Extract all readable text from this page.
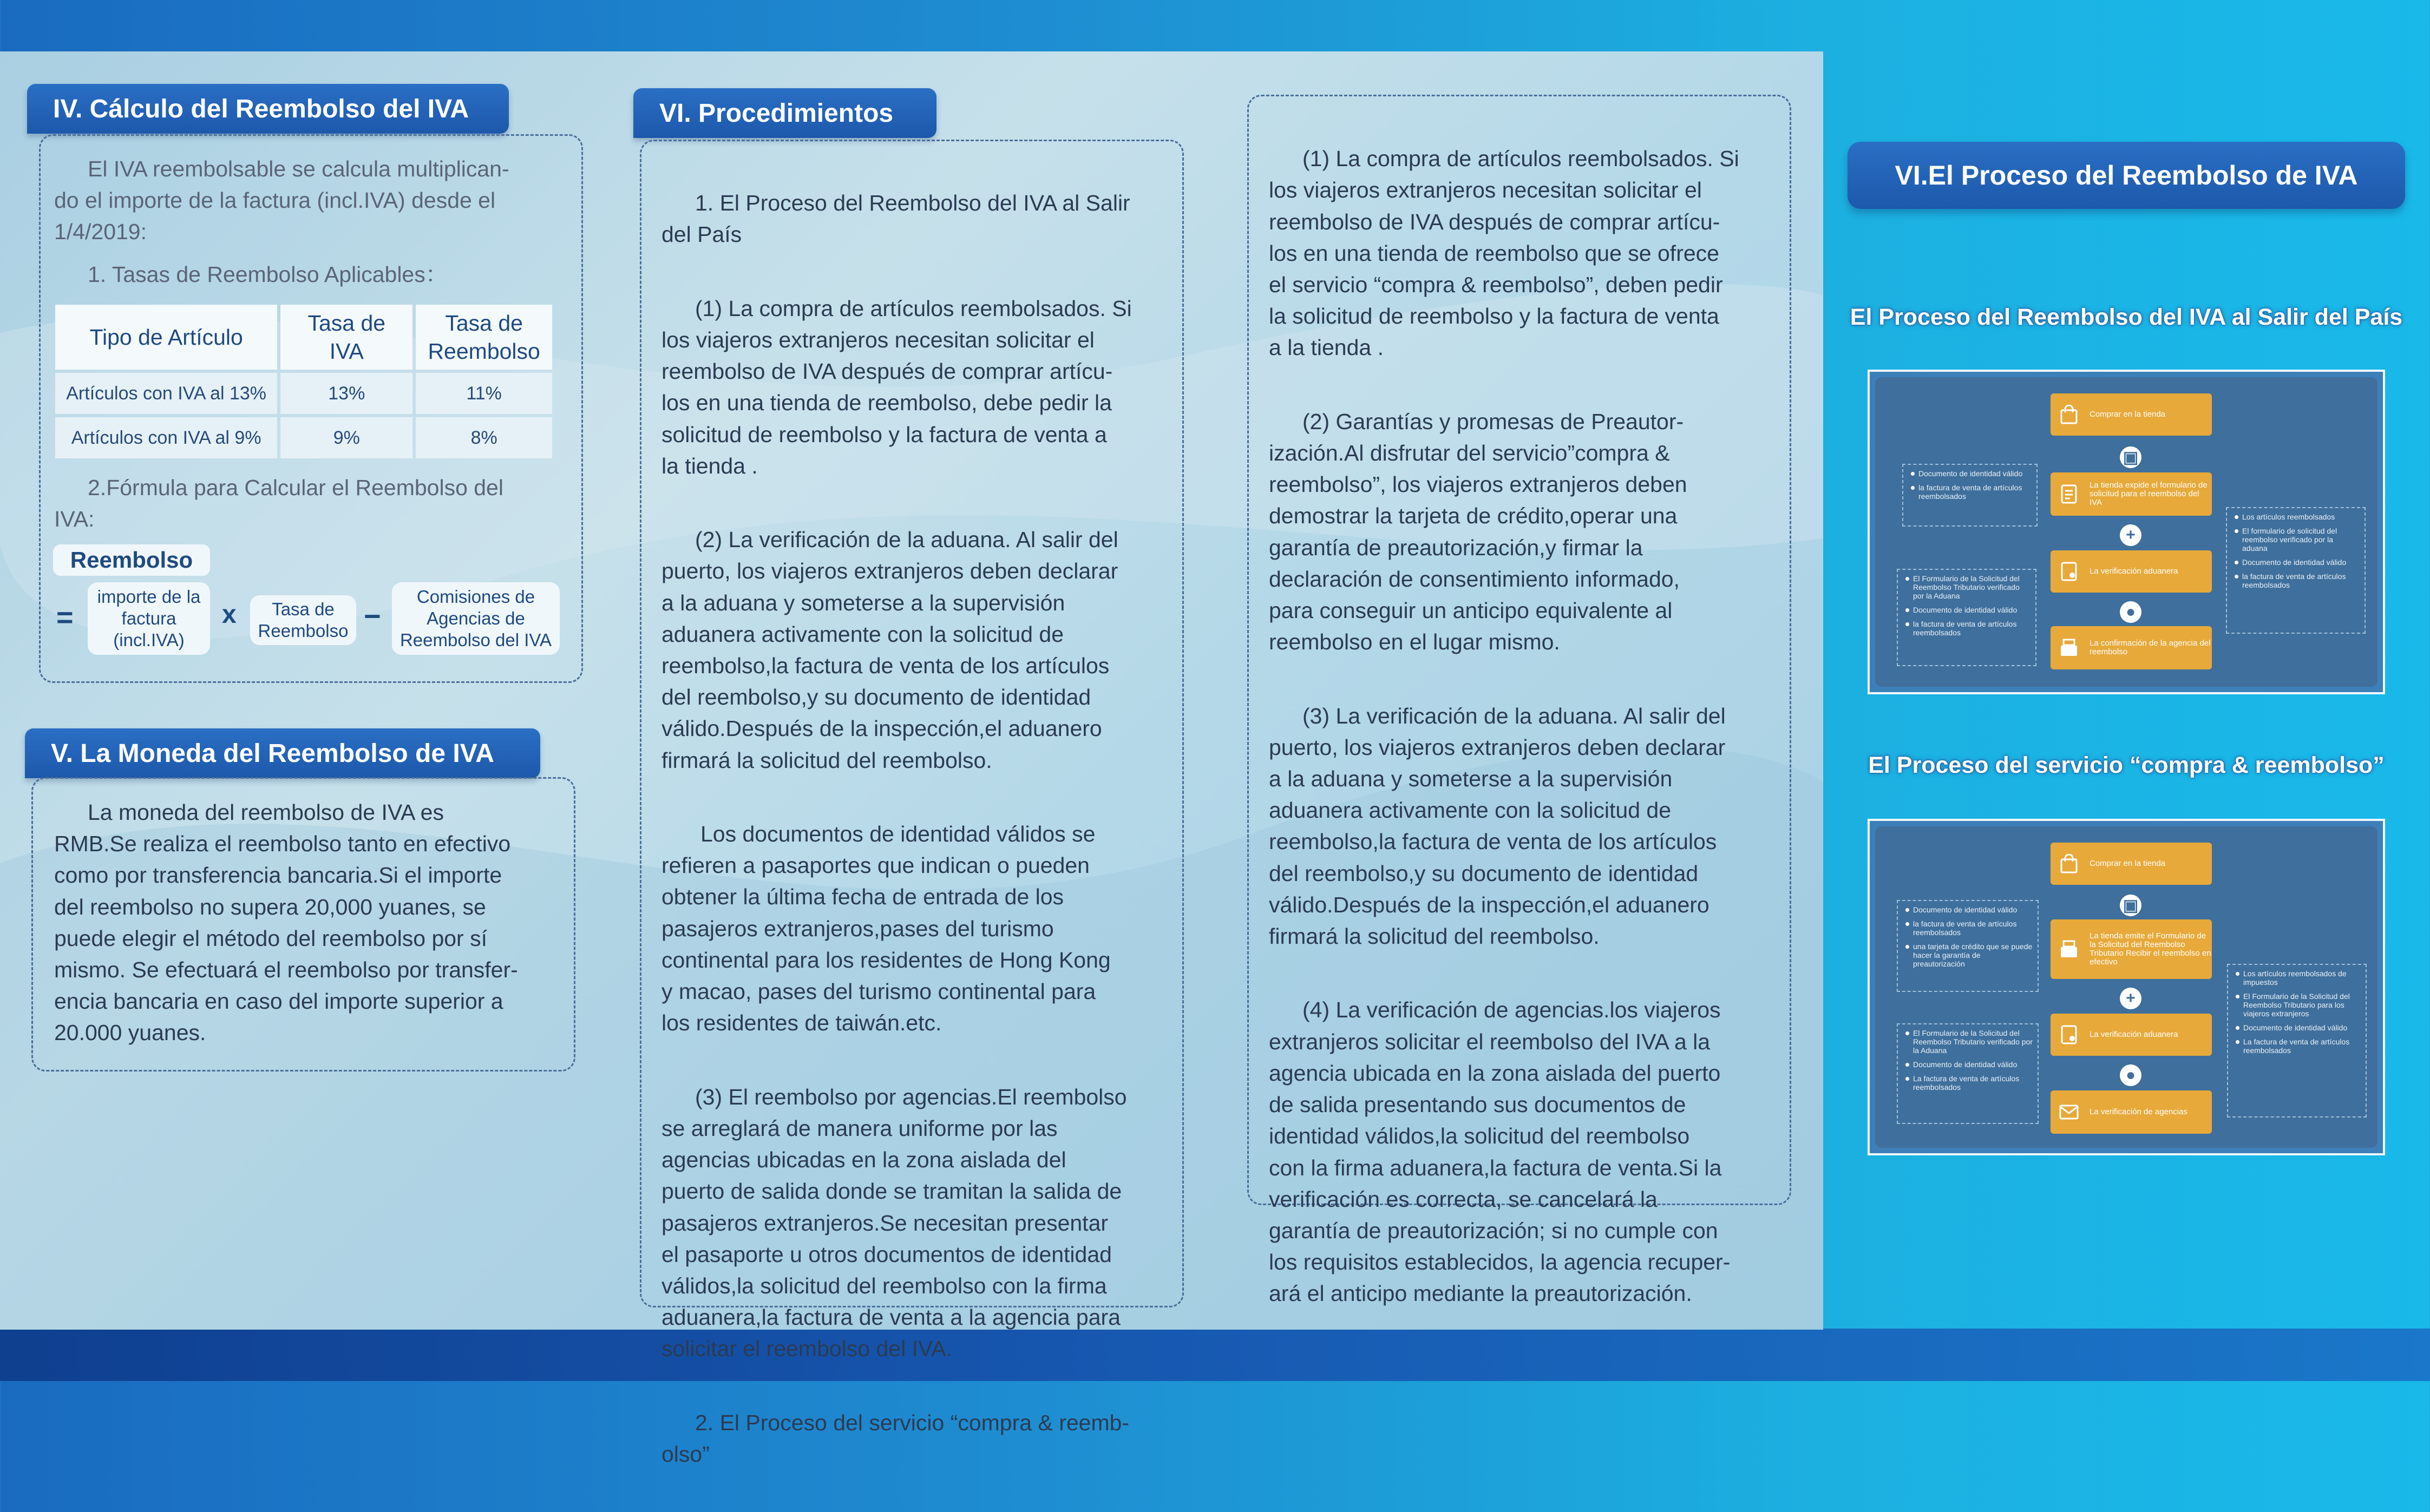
IV. Cálculo del Reembolso del IVA

El IVA reembolsable se calcula multiplican-
do el importe de la factura (incl.IVA) desde el
1/4/2019:

1. Tasas de Reembolso Aplicables：

Tipo de Artículo	Tasa de IVA	Tasa de Reembolso
Artículos con IVA al 13%	13%	11%
Artículos con IVA al 9%	9%	8%

2.Fórmula para Calcular el Reembolso del
IVA:

Reembolso
=
importe de la factura (incl.IVA)
x	Tasa de Reembolso −
Comisiones de Agencias de Reembolso del IVA
V. La Moneda del Reembolso de IVA

La moneda del reembolso de IVA es
RMB.Se realiza el reembolso tanto en efectivo
como por transferencia bancaria.Si el importe
del reembolso no supera 20,000 yuanes, se
puede elegir el método del reembolso por sí
mismo. Se efectuará el reembolso por transfer-
encia bancaria en caso del importe superior a
20.000 yuanes.

VI. Procedimientos

1. El Proceso del Reembolso del IVA al Salir
del País

(1) La compra de artículos reembolsados. Si
los viajeros extranjeros necesitan solicitar el
reembolso de IVA después de comprar artícu-
los en una tienda de reembolso, debe pedir la
solicitud de reembolso y la factura de venta a
la tienda .

(2) La verificación de la aduana. Al salir del
puerto, los viajeros extranjeros deben declarar
a la aduana y someterse a la supervisión
aduanera activamente con la solicitud de
reembolso,la factura de venta de los artículos
del reembolso,y su documento de identidad
válido.Después de la inspección,el aduanero
firmará la solicitud del reembolso.

Los documentos de identidad válidos se
refieren a pasaportes que indican o pueden
obtener la última fecha de entrada de los
pasajeros extranjeros,pases del turismo
continental para los residentes de Hong Kong
y macao, pases del turismo continental para
los residentes de taiwán.etc.

(3) El reembolso por agencias.El reembolso
se arreglará de manera uniforme por las
agencias ubicadas en la zona aislada del
puerto de salida donde se tramitan la salida de
pasajeros extranjeros.Se necesitan presentar
el pasaporte u otros documentos de identidad
válidos,la solicitud del reembolso con la firma
aduanera,la factura de venta a la agencia para
solicitar el reembolso del IVA.

2. El Proceso del servicio “compra & reemb-
olso”

(1) La compra de artículos reembolsados. Si
los viajeros extranjeros necesitan solicitar el
reembolso de IVA después de comprar artícu-
los en una tienda de reembolso que se ofrece
el servicio “compra & reembolso”, deben pedir
la solicitud de reembolso y la factura de venta
a la tienda .

(2) Garantías y promesas de Preautor-
ización.Al disfrutar del servicio”compra &
reembolso”, los viajeros extranjeros deben
demostrar la tarjeta de crédito,operar una
garantía de preautorización,y firmar la
declaración de consentimiento informado,
para conseguir un anticipo equivalente al
reembolso en el lugar mismo.

(3) La verificación de la aduana. Al salir del
puerto, los viajeros extranjeros deben declarar
a la aduana y someterse a la supervisión
aduanera activamente con la solicitud de
reembolso,la factura de venta de los artículos
del reembolso,y su documento de identidad
válido.Después de la inspección,el aduanero
firmará la solicitud del reembolso.

(4) La verificación de agencias.los viajeros
extranjeros solicitar el reembolso del IVA a la
agencia ubicada en la zona aislada del puerto
de salida presentando sus documentos de
identidad válidos,la solicitud del reembolso
con la firma aduanera,la factura de venta.Si la
verificación es correcta, se cancelará la
garantía de preautorización; si no cumple con
los requisitos establecidos, la agencia recuper-
ará el anticipo mediante la preautorización.

VI.El Proceso del Reembolso de IVA
El Proceso del Reembolso del IVA al Salir del País
Comprar en la tienda
▣
La tienda expide el formulario de solicitud para el reembolso del IVA
+
La verificación aduanera
●
La confirmación de la agencia del reembolso
Documento de identidad válido
la factura de venta de artículos reembolsados
El Formulario de la Solicitud del Reembolso Tributario verificado por la Aduana
Documento de identidad válido
la factura de venta de artículos reembolsados
Los artículos reembolsados
El formulario de solicitud del reembolso verificado por la aduana
Documento de identidad válido
la factura de venta de artículos reembolsados
El Proceso del servicio “compra & reembolso”
Comprar en la tienda
▣
La tienda emite el Formulario de la Solicitud del Reembolso Tributario Recibir el reembolso en efectivo
+
La verificación aduanera
●
La verificación de agencias
Documento de identidad válido
la factura de venta de artículos reembolsados
una tarjeta de crédito que se puede hacer la garantía de preautorización
El Formulario de la Solicitud del Reembolso Tributario verificado por la Aduana
Documento de identidad válido
La factura de venta de artículos reembolsados
Los artículos reembolsados de impuestos
El Formulario de la Solicitud del Reembolso Tributario para los viajeros extranjeros
Documento de identidad válido
La factura de venta de artículos reembolsados
